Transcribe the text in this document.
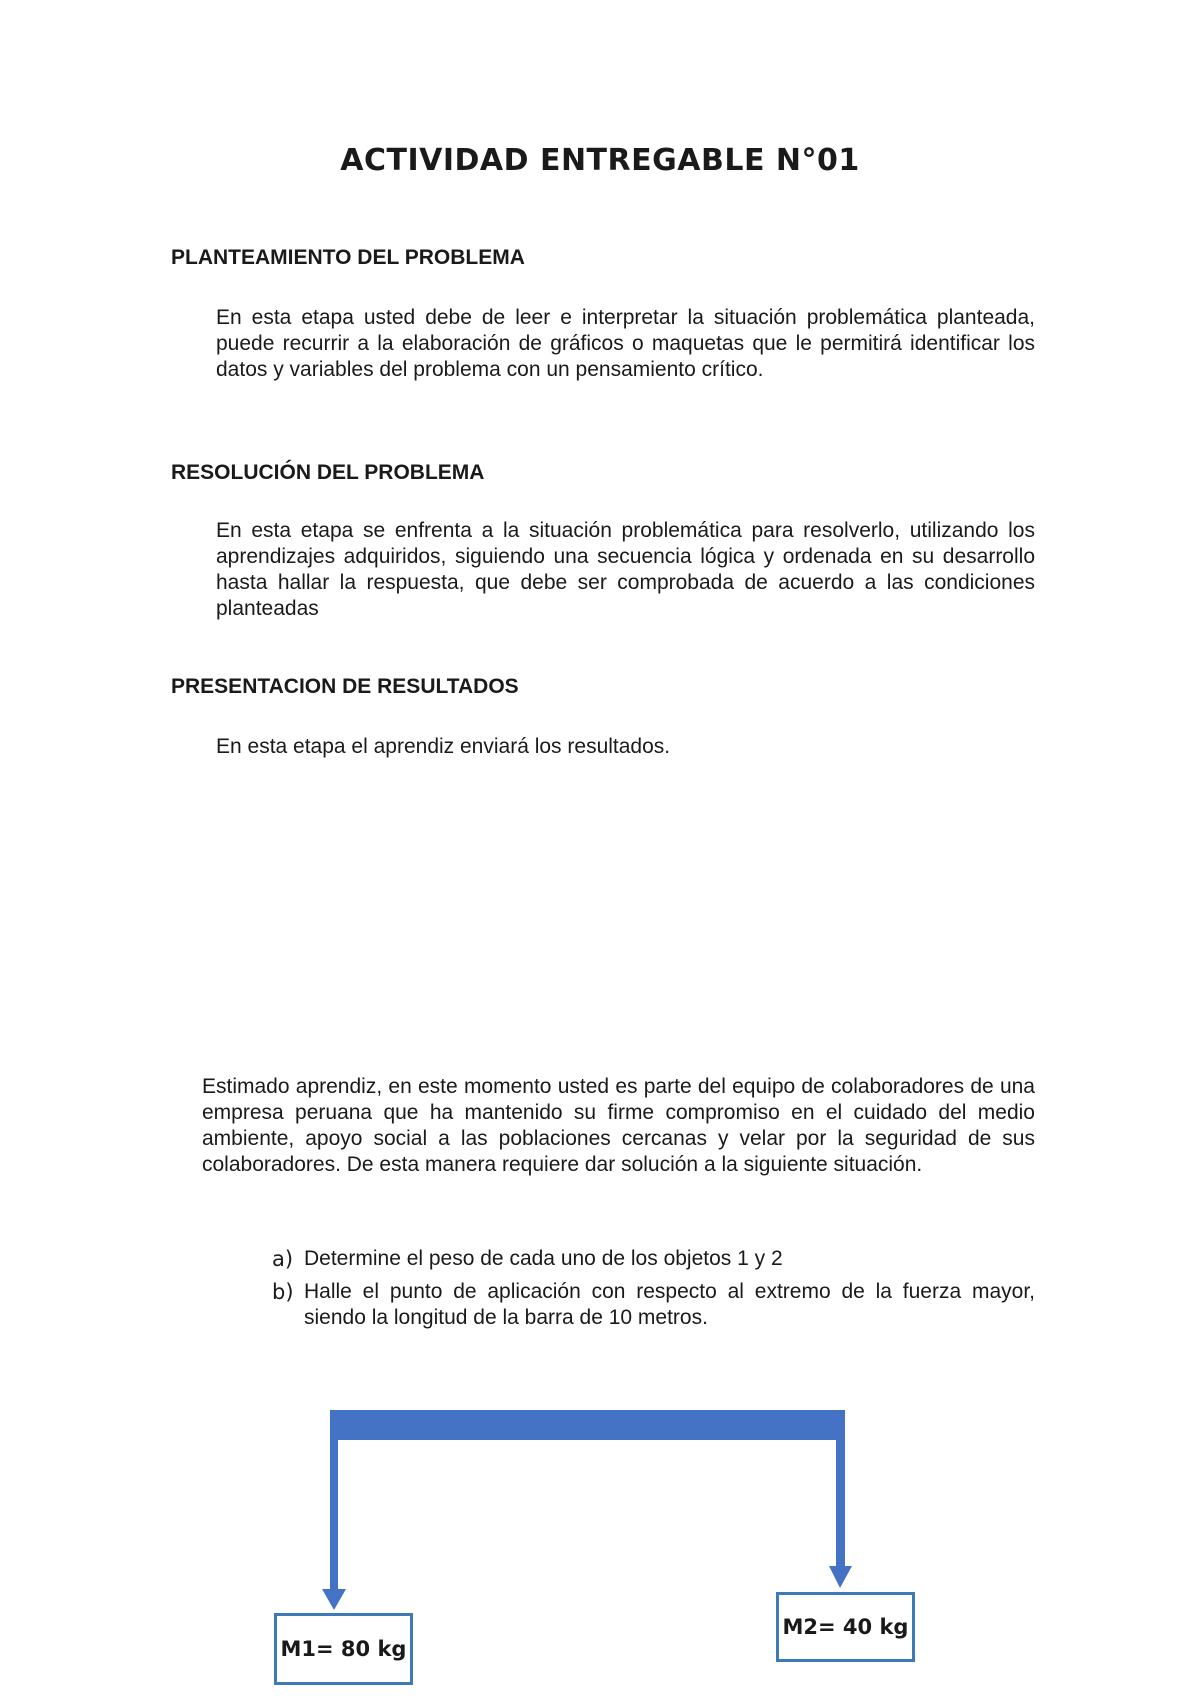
ACTIVIDAD ENTREGABLE N°01
PLANTEAMIENTO DEL PROBLEMA

En esta etapa usted debe de leer e interpretar la situación problemática planteada, puede recurrir a la elaboración de gráficos o maquetas que le permitirá identificar los datos y variables del problema con un pensamiento crítico.

RESOLUCIÓN DEL PROBLEMA

En esta etapa se enfrenta a la situación problemática para resolverlo, utilizando los aprendizajes adquiridos, siguiendo una secuencia lógica y ordenada en su desarrollo hasta hallar la respuesta, que debe ser comprobada de acuerdo a las condiciones planteadas

PRESENTACION DE RESULTADOS

En esta etapa el aprendiz enviará los resultados.

Estimado aprendiz, en este momento usted es parte del equipo de colaboradores de una empresa peruana que ha mantenido su firme compromiso en el cuidado del medio ambiente, apoyo social a las poblaciones cercanas y velar por la seguridad de sus colaboradores. De esta manera requiere dar solución a la siguiente situación.

a) Determine el peso de cada uno de los objetos 1 y 2
b) Halle el punto de aplicación con respecto al extremo de la fuerza mayor, siendo la longitud de la barra de 10 metros.
M1= 80 kg
M2= 40 kg
